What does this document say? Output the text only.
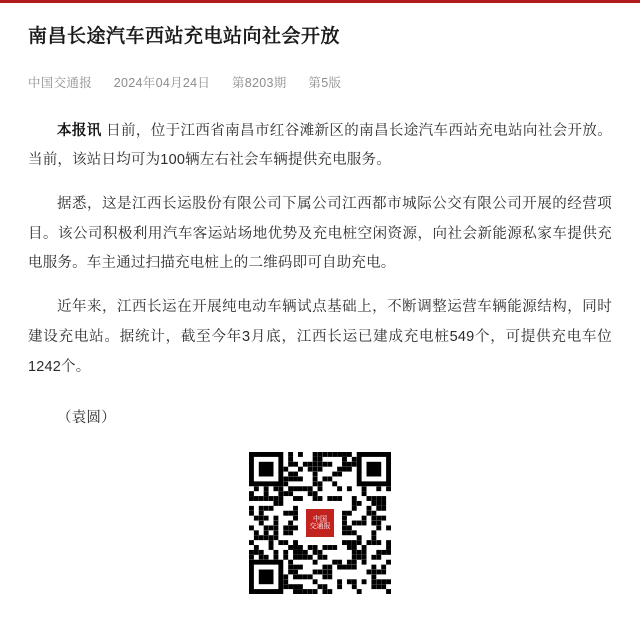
南昌长途汽车西站充电站向社会开放
中国交通报 2024年04月24日 第8203期 第5版

本报讯 日前，位于江西省南昌市红谷滩新区的南昌长途汽车西站充电站向社会开放。当前，该站日均可为100辆左右社会车辆提供充电服务。

据悉，这是江西长运股份有限公司下属公司江西都市城际公交有限公司开展的经营项目。该公司积极利用汽车客运站场地优势及充电桩空闲资源，向社会新能源私家车提供充电服务。车主通过扫描充电桩上的二维码即可自助充电。

近年来，江西长运在开展纯电动车辆试点基础上，不断调整运营车辆能源结构，同时建设充电站。据统计，截至今年3月底，江西长运已建成充电桩549个，可提供充电车位1242个。

（袁圆）

中国
交通报
